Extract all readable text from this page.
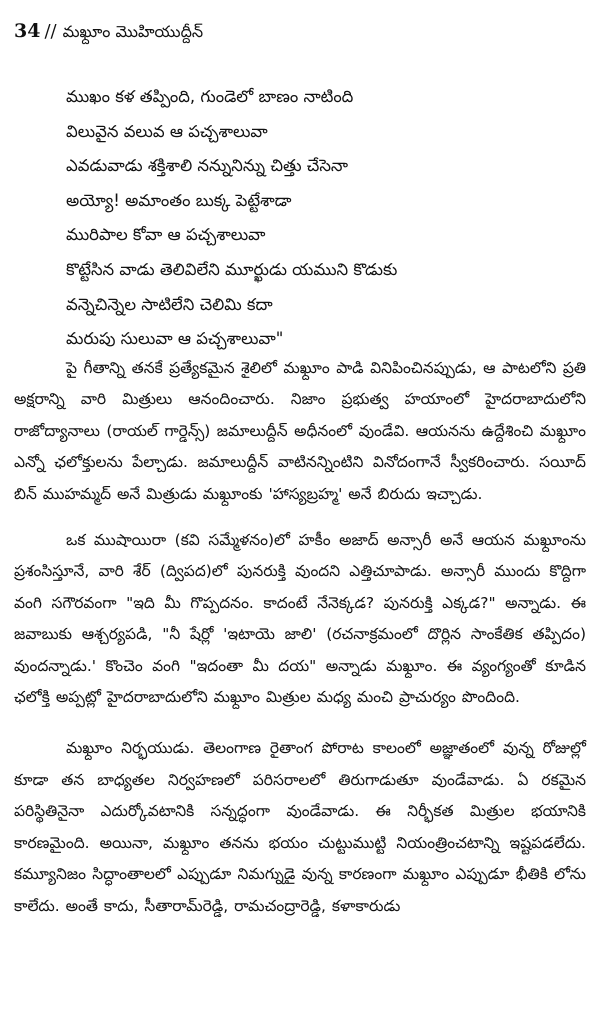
34 // మఖ్దూం మొహియుద్దీన్
ముఖం కళ తప్పింది, గుండెలో బాణం నాటింది
విలువైన వలువ ఆ పచ్చశాలువా
ఎవడువాడు శక్తిశాలి నన్నునిన్ను చిత్తు చేసెనా
అయ్యో! అమాంతం బుక్క పెట్టేశాడా
మురిపాల కోవా ఆ పచ్చశాలువా
కొట్టేసిన వాడు తెలివిలేని మూర్ఖుడు యముని కొడుకు
వన్నెచిన్నెల సాటిలేని చెలిమి కదా
మరుపు సులువా ఆ పచ్చశాలువా"

పై గీతాన్ని తనకే ప్రత్యేకమైన శైలిలో మఖ్దూం పాడి వినిపించినప్పుడు, ఆ పాటలోని ప్రతి అక్షరాన్ని వారి మిత్రులు ఆనందించారు. నిజాం ప్రభుత్వ హయాంలో హైదరాబాదులోని రాజోద్యానాలు (రాయల్ గార్డెన్స్) జమాలుద్దీన్ అధీనంలో వుండేవి. ఆయనను ఉద్దేశించి మఖ్దూం ఎన్నో ఛలోక్తులను పేల్చాడు. జమాలుద్దీన్ వాటినన్నింటిని వినోదంగానే స్వీకరించారు. సయీద్ బిన్ ముహమ్మద్ అనే మిత్రుడు మఖ్దూంకు 'హాస్యబ్రహ్మ' అనే బిరుదు ఇచ్చాడు.

ఒక ముషాయిరా (కవి సమ్మేళనం)లో హకీం అజాద్ అన్సారీ అనే ఆయన మఖ్దూంను ప్రశంసిస్తూనే, వారి శేర్ (ద్విపద)లో పునరుక్తి వుందని ఎత్తిచూపాడు. అన్సారీ ముందు కొద్దిగా వంగి సగౌరవంగా "ఇది మీ గొప్పదనం. కాదంటే నేనెక్కడ? పునరుక్తి ఎక్కడ?" అన్నాడు. ఈ జవాబుకు ఆశ్చర్యపడి, "నీ షేర్లో 'ఇటాయె జాలి' (రచనాక్రమంలో దొర్లిన సాంకేతిక తప్పిదం) వుందన్నాడు.' కొంచెం వంగి "ఇదంతా మీ దయ" అన్నాడు మఖ్దూం. ఈ వ్యంగ్యంతో కూడిన ఛలోక్తి అప్పట్లో హైదరాబాదులోని మఖ్దూం మిత్రుల మధ్య మంచి ప్రాచుర్యం పొందింది.

మఖ్దూం నిర్భయుడు. తెలంగాణ రైతాంగ పోరాట కాలంలో అజ్ఞాతంలో వున్న రోజుల్లో కూడా తన బాధ్యతల నిర్వహణలో పరిసరాలలో తిరుగాడుతూ వుండేవాడు. ఏ రకమైన పరిస్థితినైనా ఎదుర్కోవటానికి సన్నద్ధంగా వుండేవాడు. ఈ నిర్భీకత మిత్రుల భయానికి కారణమైంది. అయినా, మఖ్దూం తనను భయం చుట్టుముట్టి నియంత్రించటాన్ని ఇష్టపడలేదు. కమ్యూనిజం సిద్ధాంతాలలో ఎప్పుడూ నిమగ్నుడై వున్న కారణంగా మఖ్దూం ఎప్పుడూ భీతికి లోను కాలేదు. అంతే కాదు, సీతారామ్‌రెడ్డి, రామచంద్రారెడ్డి, కళాకారుడు
